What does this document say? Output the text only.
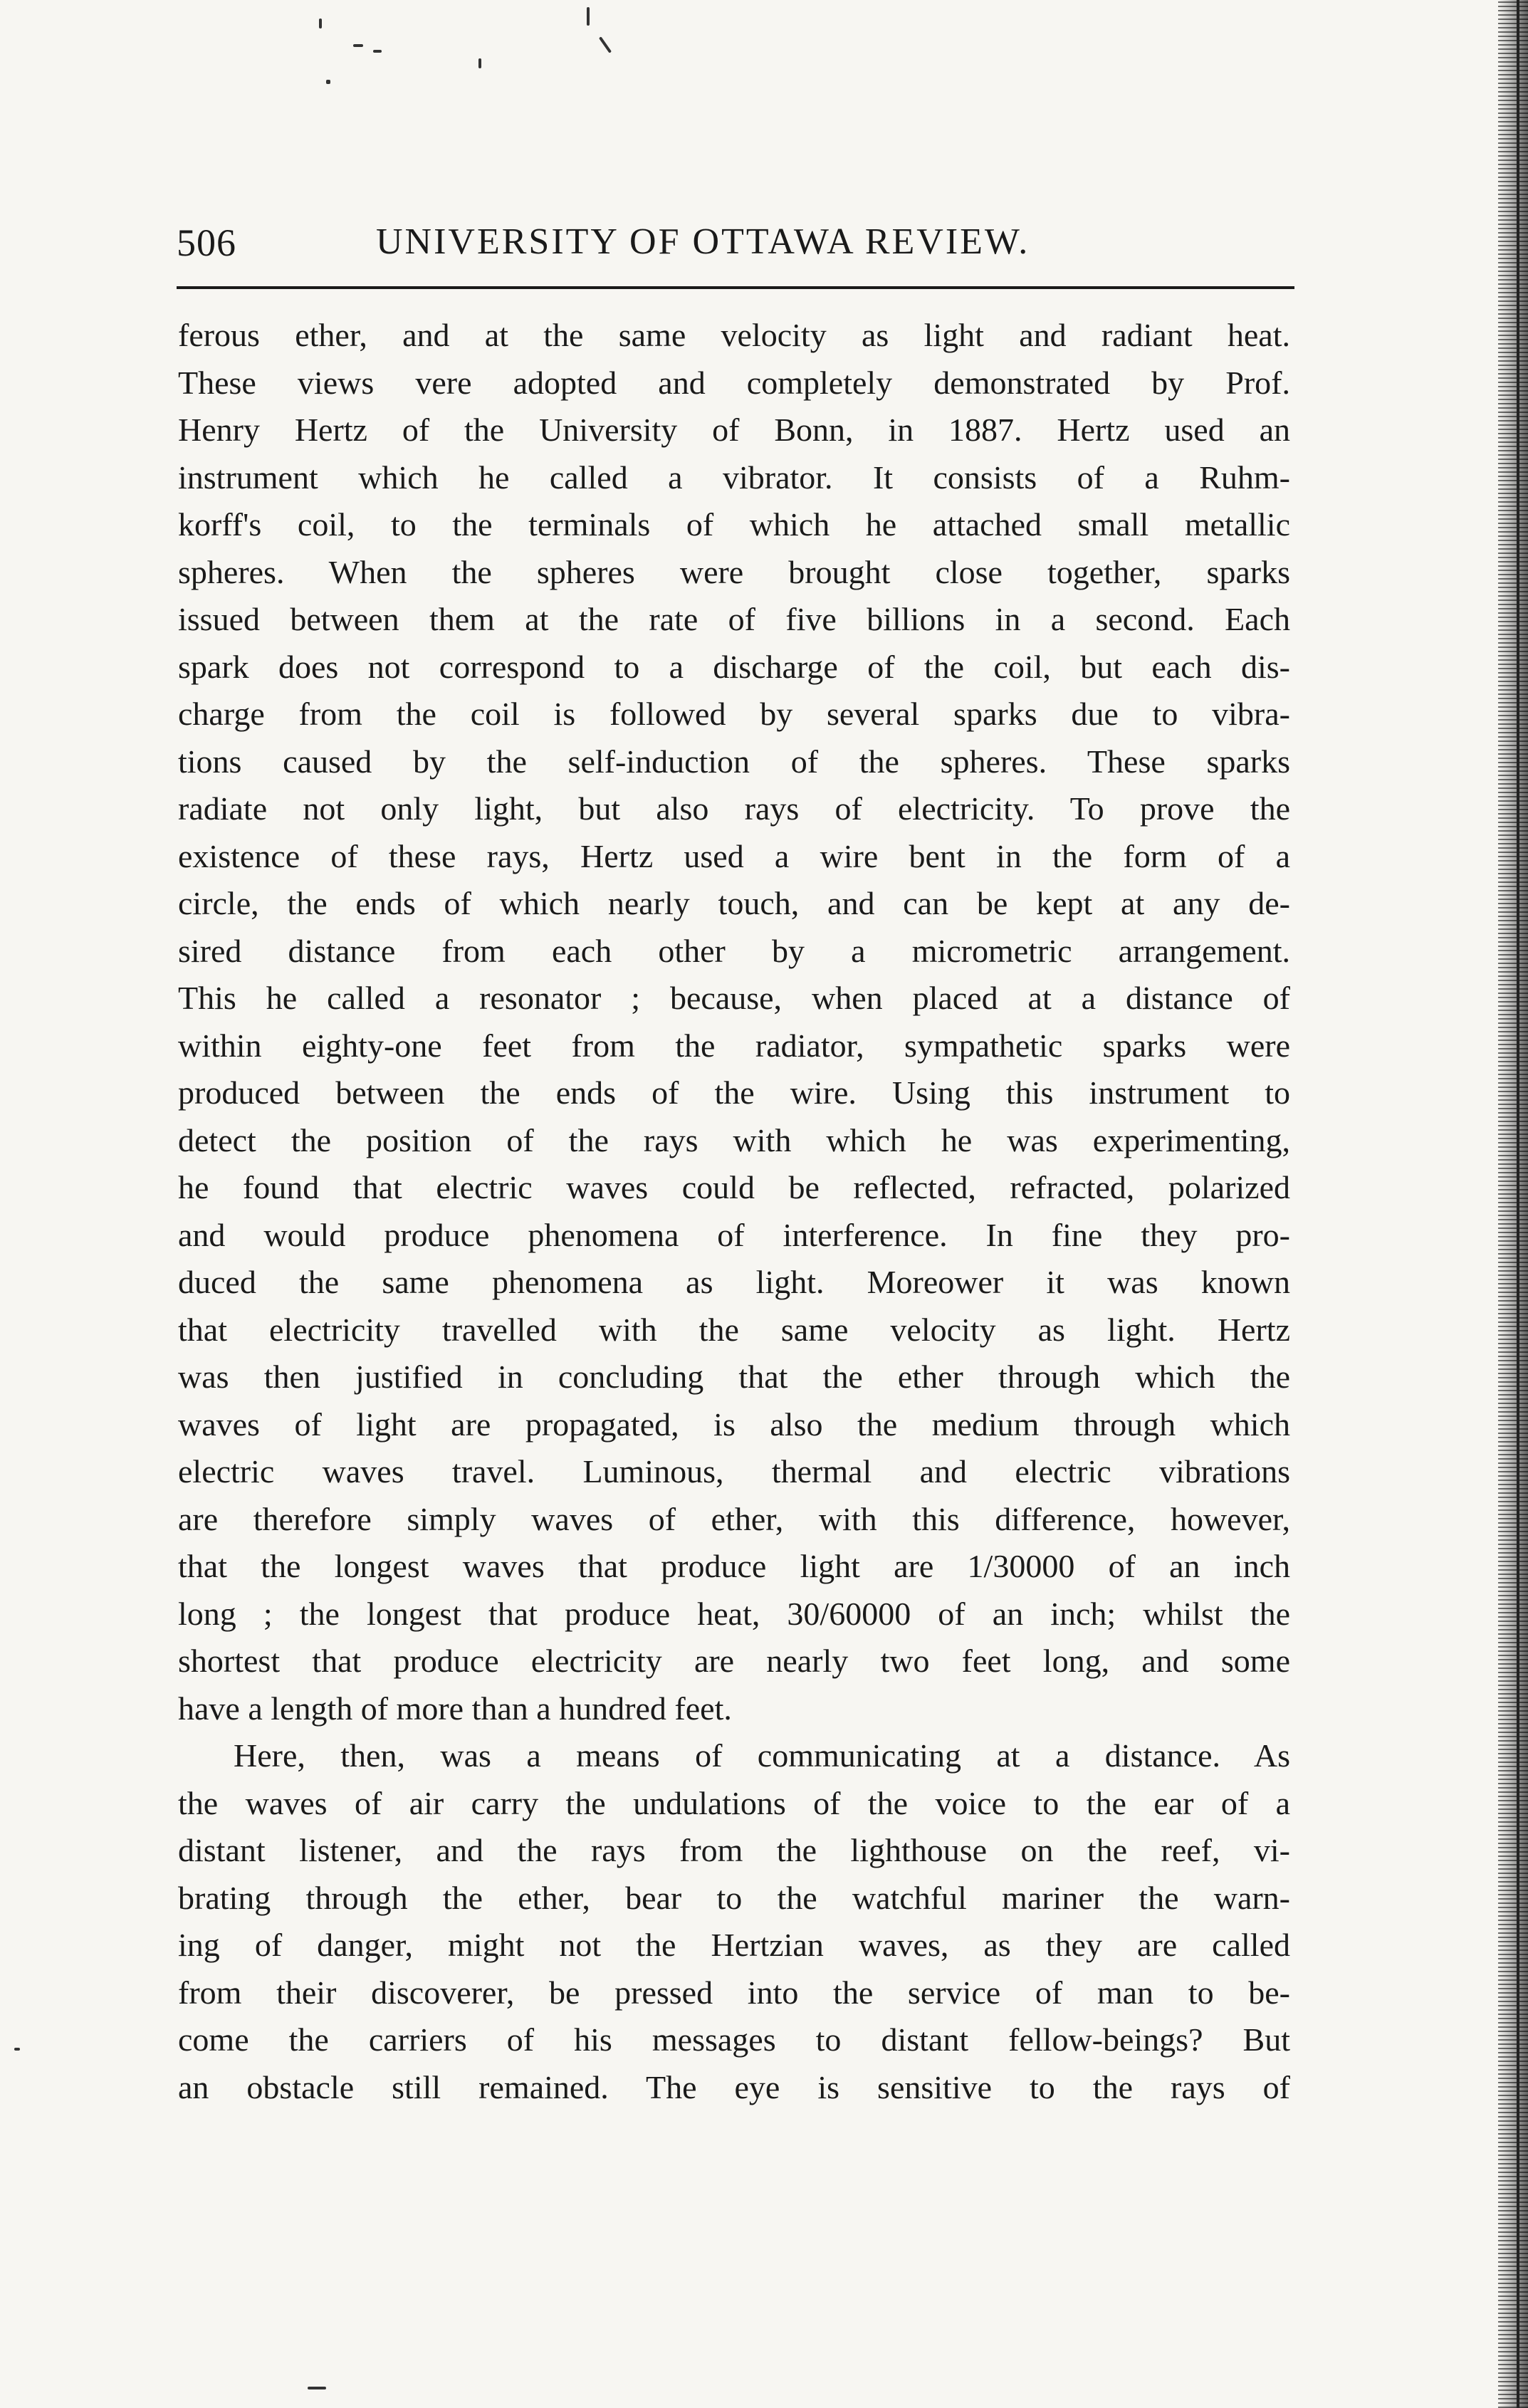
506	UNIVERSITY OF OTTAWA REVIEW.
ferous ether, and at the same velocity as light and radiant heat.
These views vere adopted and completely demonstrated by Prof.
Henry Hertz of the University of Bonn, in 1887. Hertz used an
instrument which he called a vibrator. It consists of a Ruhm-
korff's coil, to the terminals of which he attached small metallic
spheres. When the spheres were brought close together, sparks
issued between them at the rate of five billions in a second. Each
spark does not correspond to a discharge of the coil, but each dis-
charge from the coil is followed by several sparks due to vibra-
tions caused by the self-induction of the spheres. These sparks
radiate not only light, but also rays of electricity. To prove the
existence of these rays, Hertz used a wire bent in the form of a
circle, the ends of which nearly touch, and can be kept at any de-
sired distance from each other by a micrometric arrangement.
This he called a resonator ; because, when placed at a distance of
within eighty-one feet from the radiator, sympathetic sparks were
produced between the ends of the wire. Using this instrument to
detect the position of the rays with which he was experimenting,
he found that electric waves could be reflected, refracted, polarized
and would produce phenomena of interference. In fine they pro-
duced the same phenomena as light. Moreower it was known
that electricity travelled with the same velocity as light. Hertz
was then justified in concluding that the ether through which the
waves of light are propagated, is also the medium through which
electric waves travel. Luminous, thermal and electric vibrations
are therefore simply waves of ether, with this difference, however,
that the longest waves that produce light are 1/30000 of an inch
long ; the longest that produce heat, 30/60000 of an inch; whilst the
shortest that produce electricity are nearly two feet long, and some
have a length of more than a hundred feet.
Here, then, was a means of communicating at a distance. As
the waves of air carry the undulations of the voice to the ear of a
distant listener, and the rays from the lighthouse on the reef, vi-
brating through the ether, bear to the watchful mariner the warn-
ing of danger, might not the Hertzian waves, as they are called
from their discoverer, be pressed into the service of man to be-
come the carriers of his messages to distant fellow-beings? But
an obstacle still remained. The eye is sensitive to the rays of
